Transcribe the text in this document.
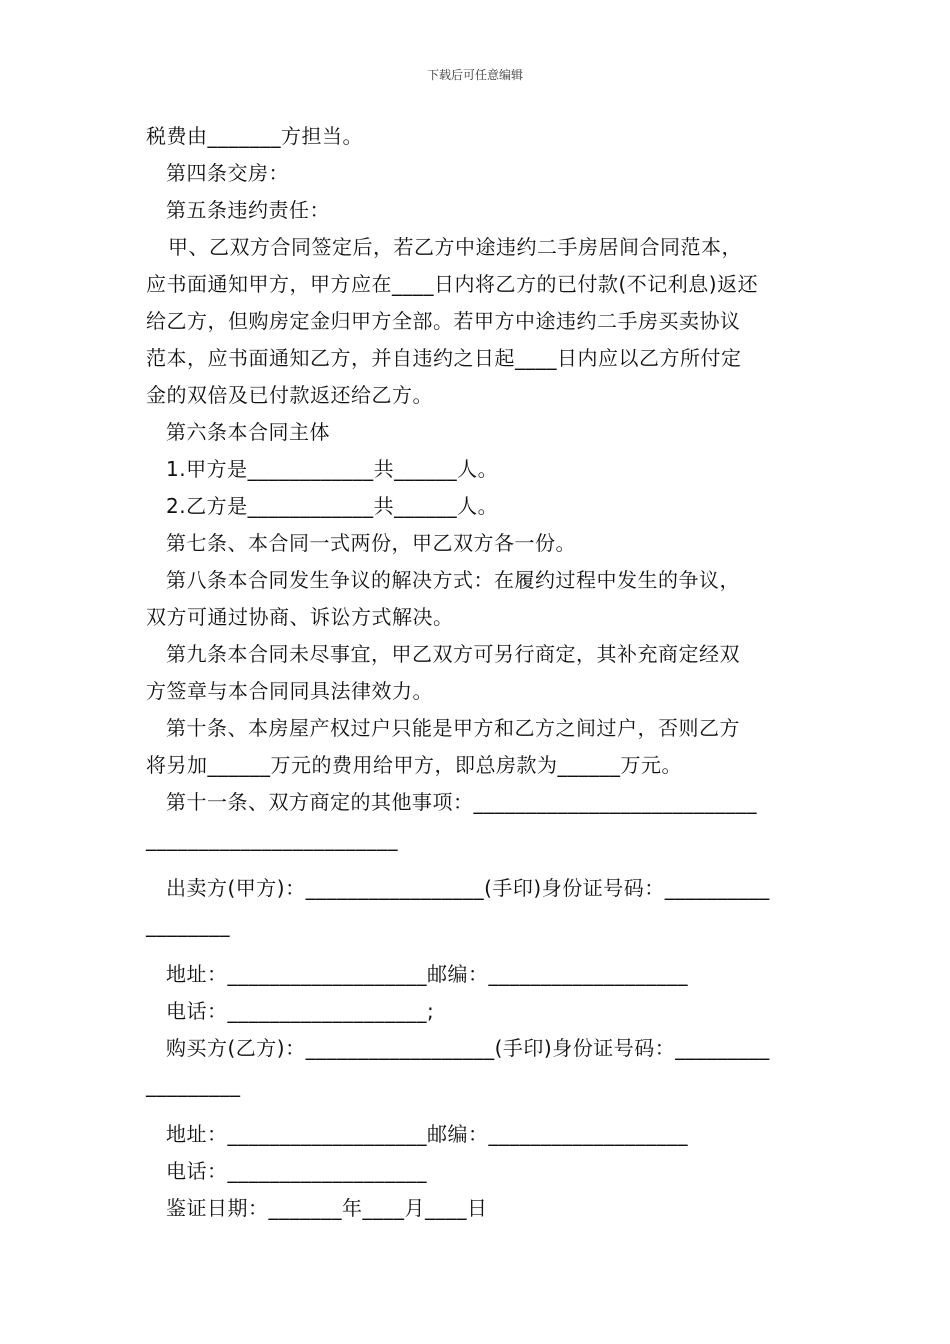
下载后可任意编辑

税费由_______方担当。

第四条交房：

第五条违约责任：

甲、乙双方合同签定后，若乙方中途违约二手房居间合同范本，

应书面通知甲方，甲方应在____日内将乙方的已付款(不记利息)返还

给乙方，但购房定金归甲方全部。若甲方中途违约二手房买卖协议

范本，应书面通知乙方，并自违约之日起____日内应以乙方所付定

金的双倍及已付款返还给乙方。

第六条本合同主体

1.甲方是____________共______人。

2.乙方是____________共______人。

第七条、本合同一式两份，甲乙双方各一份。

第八条本合同发生争议的解决方式：在履约过程中发生的争议，

双方可通过协商、诉讼方式解决。

第九条本合同未尽事宜，甲乙双方可另行商定，其补充商定经双

方签章与本合同同具法律效力。

第十条、本房屋产权过户只能是甲方和乙方之间过户，否则乙方

将另加______万元的费用给甲方，即总房款为______万元。

第十一条、双方商定的其他事项：___________________________

________________________

出卖方(甲方)：_________________(手印)身份证号码：__________

________

地址：___________________邮编：___________________

电话：___________________;

购买方(乙方)：__________________(手印)身份证号码：_________

_________

地址：___________________邮编：___________________

电话：___________________

鉴证日期：_______年____月____日
